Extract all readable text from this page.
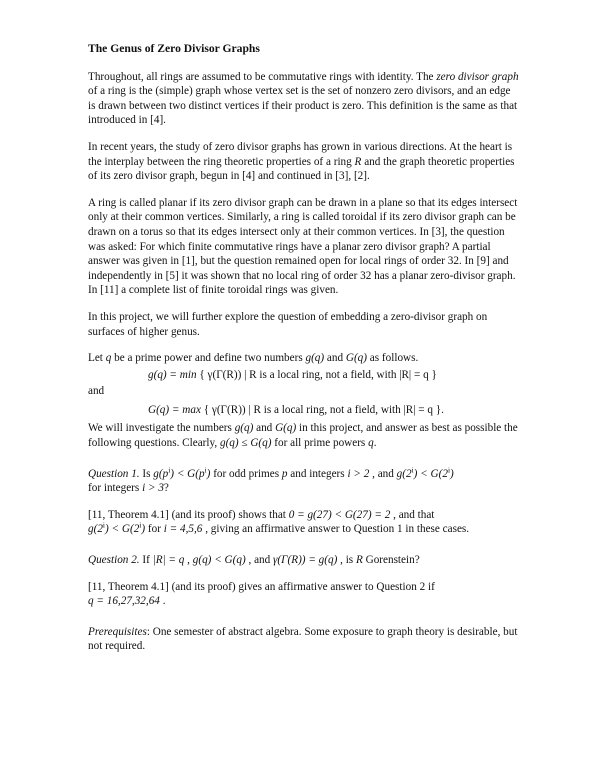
The Genus of Zero Divisor Graphs

Throughout, all rings are assumed to be commutative rings with identity. The zero divisor graph of a ring is the (simple) graph whose vertex set is the set of nonzero zero divisors, and an edge is drawn between two distinct vertices if their product is zero. This definition is the same as that introduced in [4].

In recent years, the study of zero divisor graphs has grown in various directions. At the heart is the interplay between the ring theoretic properties of a ring R and the graph theoretic properties of its zero divisor graph, begun in [4] and continued in [3], [2].

A ring is called planar if its zero divisor graph can be drawn in a plane so that its edges intersect only at their common vertices. Similarly, a ring is called toroidal if its zero divisor graph can be drawn on a torus so that its edges intersect only at their common vertices. In [3], the question was asked: For which finite commutative rings have a planar zero divisor graph? A partial answer was given in [1], but the question remained open for local rings of order 32. In [9] and independently in [5] it was shown that no local ring of order 32 has a planar zero-divisor graph. In [11] a complete list of finite toroidal rings was given.

In this project, we will further explore the question of embedding a zero-divisor graph on surfaces of higher genus.

Let q be a prime power and define two numbers g(q) and G(q) as follows.
g(q) = min { γ(Γ(R)) | R is a local ring, not a field, with |R| = q }
and
G(q) = max { γ(Γ(R)) | R is a local ring, not a field, with |R| = q }.

We will investigate the numbers g(q) and G(q) in this project, and answer as best as possible the following questions. Clearly, g(q) ≤ G(q) for all prime powers q.

Question 1. Is $g(p^i) < G(p^i)$ for odd primes p and integers i > 2 , and $g(2^i) < G(2^i)$
for integers i > 3?

[11, Theorem 4.1] (and its proof) shows that 0 = g(27) < G(27) = 2 , and that
$g(2^i) < G(2^i)$ for i = 4,5,6 , giving an affirmative answer to Question 1 in these cases.

Question 2. If |R| = q , g(q) < G(q) , and γ(Γ(R)) = g(q) , is R Gorenstein?

[11, Theorem 4.1] (and its proof) gives an affirmative answer to Question 2 if
q = 16,27,32,64 .

Prerequisites: One semester of abstract algebra. Some exposure to graph theory is desirable, but not required.
